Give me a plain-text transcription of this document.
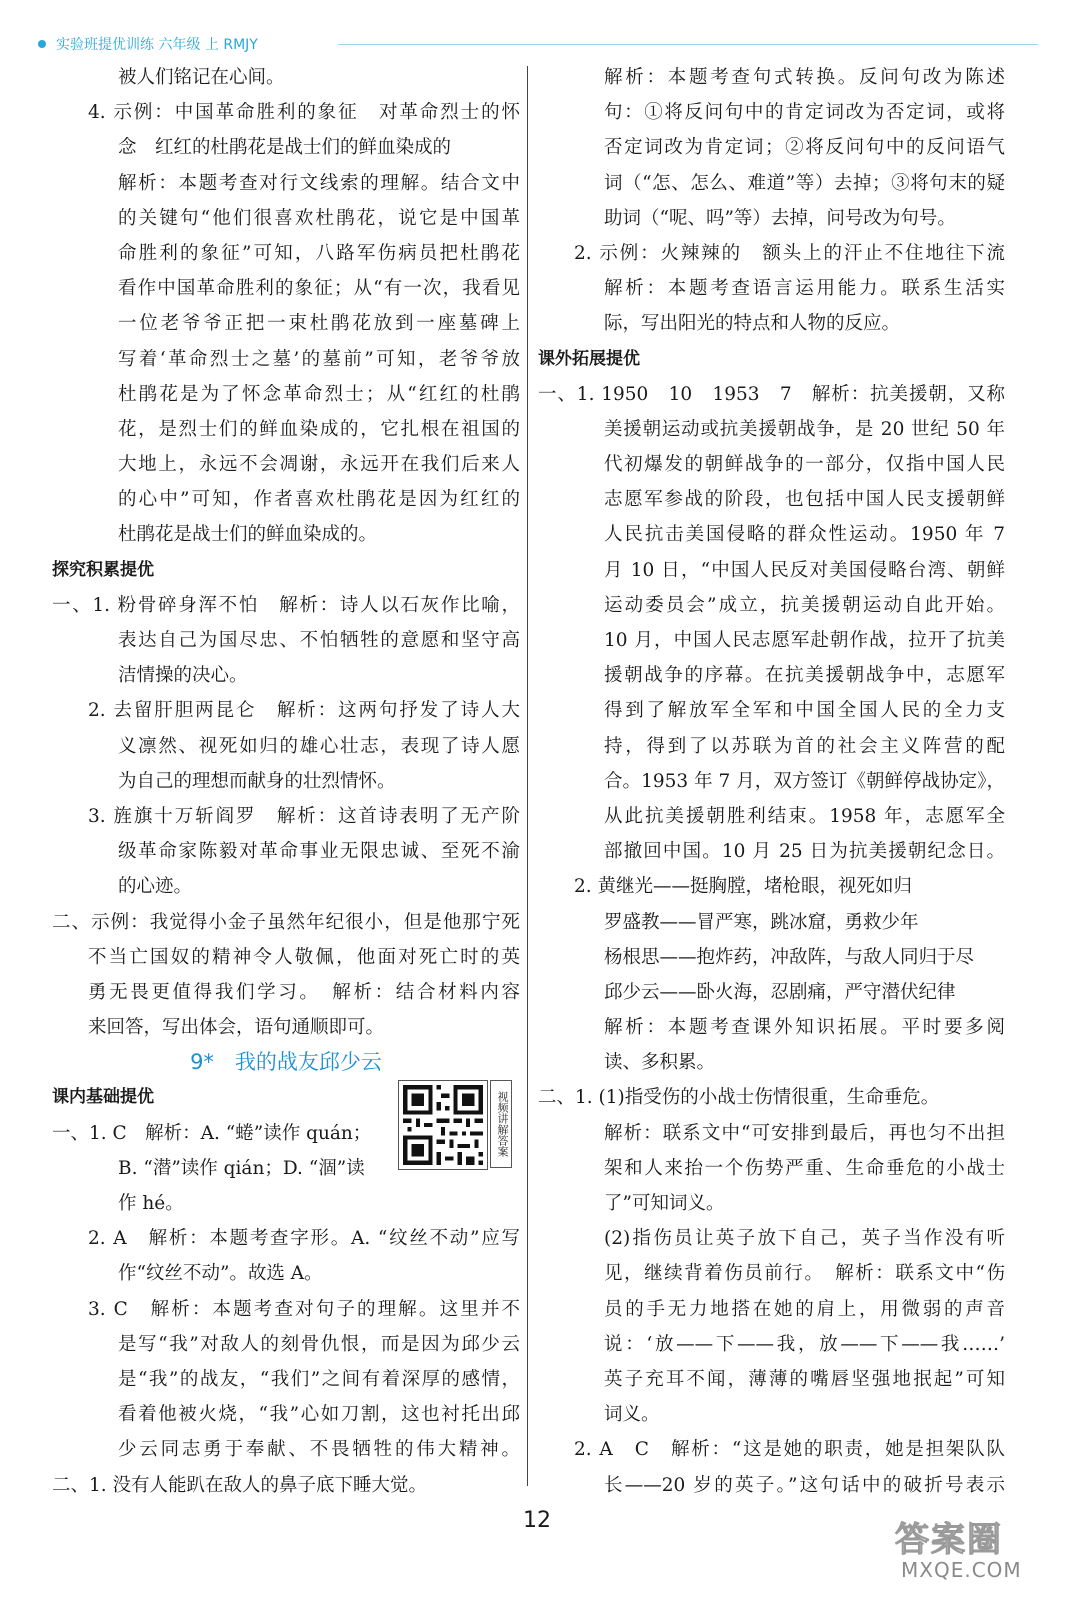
实验班提优训练 六年级 上 RMJY
被人们铭记在心间。
4. 示例：中国革命胜利的象征　对革命烈士的怀
念　红红的杜鹃花是战士们的鲜血染成的
解析：本题考查对行文线索的理解。结合文中
的关键句“他们很喜欢杜鹃花，说它是中国革
命胜利的象征”可知，八路军伤病员把杜鹃花
看作中国革命胜利的象征；从“有一次，我看见
一位老爷爷正把一束杜鹃花放到一座墓碑上
写着‘革命烈士之墓’的墓前”可知，老爷爷放
杜鹃花是为了怀念革命烈士；从“红红的杜鹃
花，是烈士们的鲜血染成的，它扎根在祖国的
大地上，永远不会凋谢，永远开在我们后来人
的心中”可知，作者喜欢杜鹃花是因为红红的
杜鹃花是战士们的鲜血染成的。
探究积累提优
一、1. 粉骨碎身浑不怕　解析：诗人以石灰作比喻，
表达自己为国尽忠、不怕牺牲的意愿和坚守高
洁情操的决心。
2. 去留肝胆两昆仑　解析：这两句抒发了诗人大
义凛然、视死如归的雄心壮志，表现了诗人愿
为自己的理想而献身的壮烈情怀。
3. 旌旗十万斩阎罗　解析：这首诗表明了无产阶
级革命家陈毅对革命事业无限忠诚、至死不渝
的心迹。
二、示例：我觉得小金子虽然年纪很小，但是他那宁死
不当亡国奴的精神令人敬佩，他面对死亡时的英
勇无畏更值得我们学习。　解析：结合材料内容
来回答，写出体会，语句通顺即可。
9*　我的战友邱少云
课内基础提优
一、1. C　解析：A. “蜷”读作 quán；
B. “潜”读作 qián；D. “涸”读
作 hé。
2. A　解析：本题考查字形。A. “纹丝不动”应写
作“纹丝不动”。故选 A。
3. C　解析：本题考查对句子的理解。这里并不
是写“我”对敌人的刻骨仇恨，而是因为邱少云
是“我”的战友，“我们”之间有着深厚的感情，
看着他被火烧，“我”心如刀割，这也衬托出邱
少云同志勇于奉献、不畏牺牲的伟大精神。
二、1. 没有人能趴在敌人的鼻子底下睡大觉。
视频讲解答案
解析：本题考查句式转换。反问句改为陈述
句：①将反问句中的肯定词改为否定词，或将
否定词改为肯定词；②将反问句中的反问语气
词（“怎、怎么、难道”等）去掉；③将句末的疑
助词（“呢、吗”等）去掉，问号改为句号。
2. 示例：火辣辣的　额头上的汗止不住地往下流
解析：本题考查语言运用能力。联系生活实
际，写出阳光的特点和人物的反应。
课外拓展提优
一、1. 1950　10　1953　7　解析：抗美援朝，又称
美援朝运动或抗美援朝战争，是 20 世纪 50 年
代初爆发的朝鲜战争的一部分，仅指中国人民
志愿军参战的阶段，也包括中国人民支援朝鲜
人民抗击美国侵略的群众性运动。1950 年 7
月 10 日，“中国人民反对美国侵略台湾、朝鲜
运动委员会”成立，抗美援朝运动自此开始。
10 月，中国人民志愿军赴朝作战，拉开了抗美
援朝战争的序幕。在抗美援朝战争中，志愿军
得到了解放军全军和中国全国人民的全力支
持，得到了以苏联为首的社会主义阵营的配
合。1953 年 7 月，双方签订《朝鲜停战协定》，
从此抗美援朝胜利结束。1958 年，志愿军全
部撤回中国。10 月 25 日为抗美援朝纪念日。
2. 黄继光——挺胸膛，堵枪眼，视死如归
罗盛教——冒严寒，跳冰窟，勇救少年
杨根思——抱炸药，冲敌阵，与敌人同归于尽
邱少云——卧火海，忍剧痛，严守潜伏纪律
解析：本题考查课外知识拓展。平时要多阅
读、多积累。
二、1. (1)指受伤的小战士伤情很重，生命垂危。
解析：联系文中“可安排到最后，再也匀不出担
架和人来抬一个伤势严重、生命垂危的小战士
了”可知词义。
(2)指伤员让英子放下自己，英子当作没有听
见，继续背着伤员前行。　解析：联系文中“伤
员的手无力地搭在她的肩上，用微弱的声音
说：‘放——下——我，放——下——我……’
英子充耳不闻，薄薄的嘴唇坚强地抿起”可知
词义。
2. A　C　解析：“这是她的职责，她是担架队队
长——20 岁的英子。”这句话中的破折号表示
12	答案圈
MXQE.COM
